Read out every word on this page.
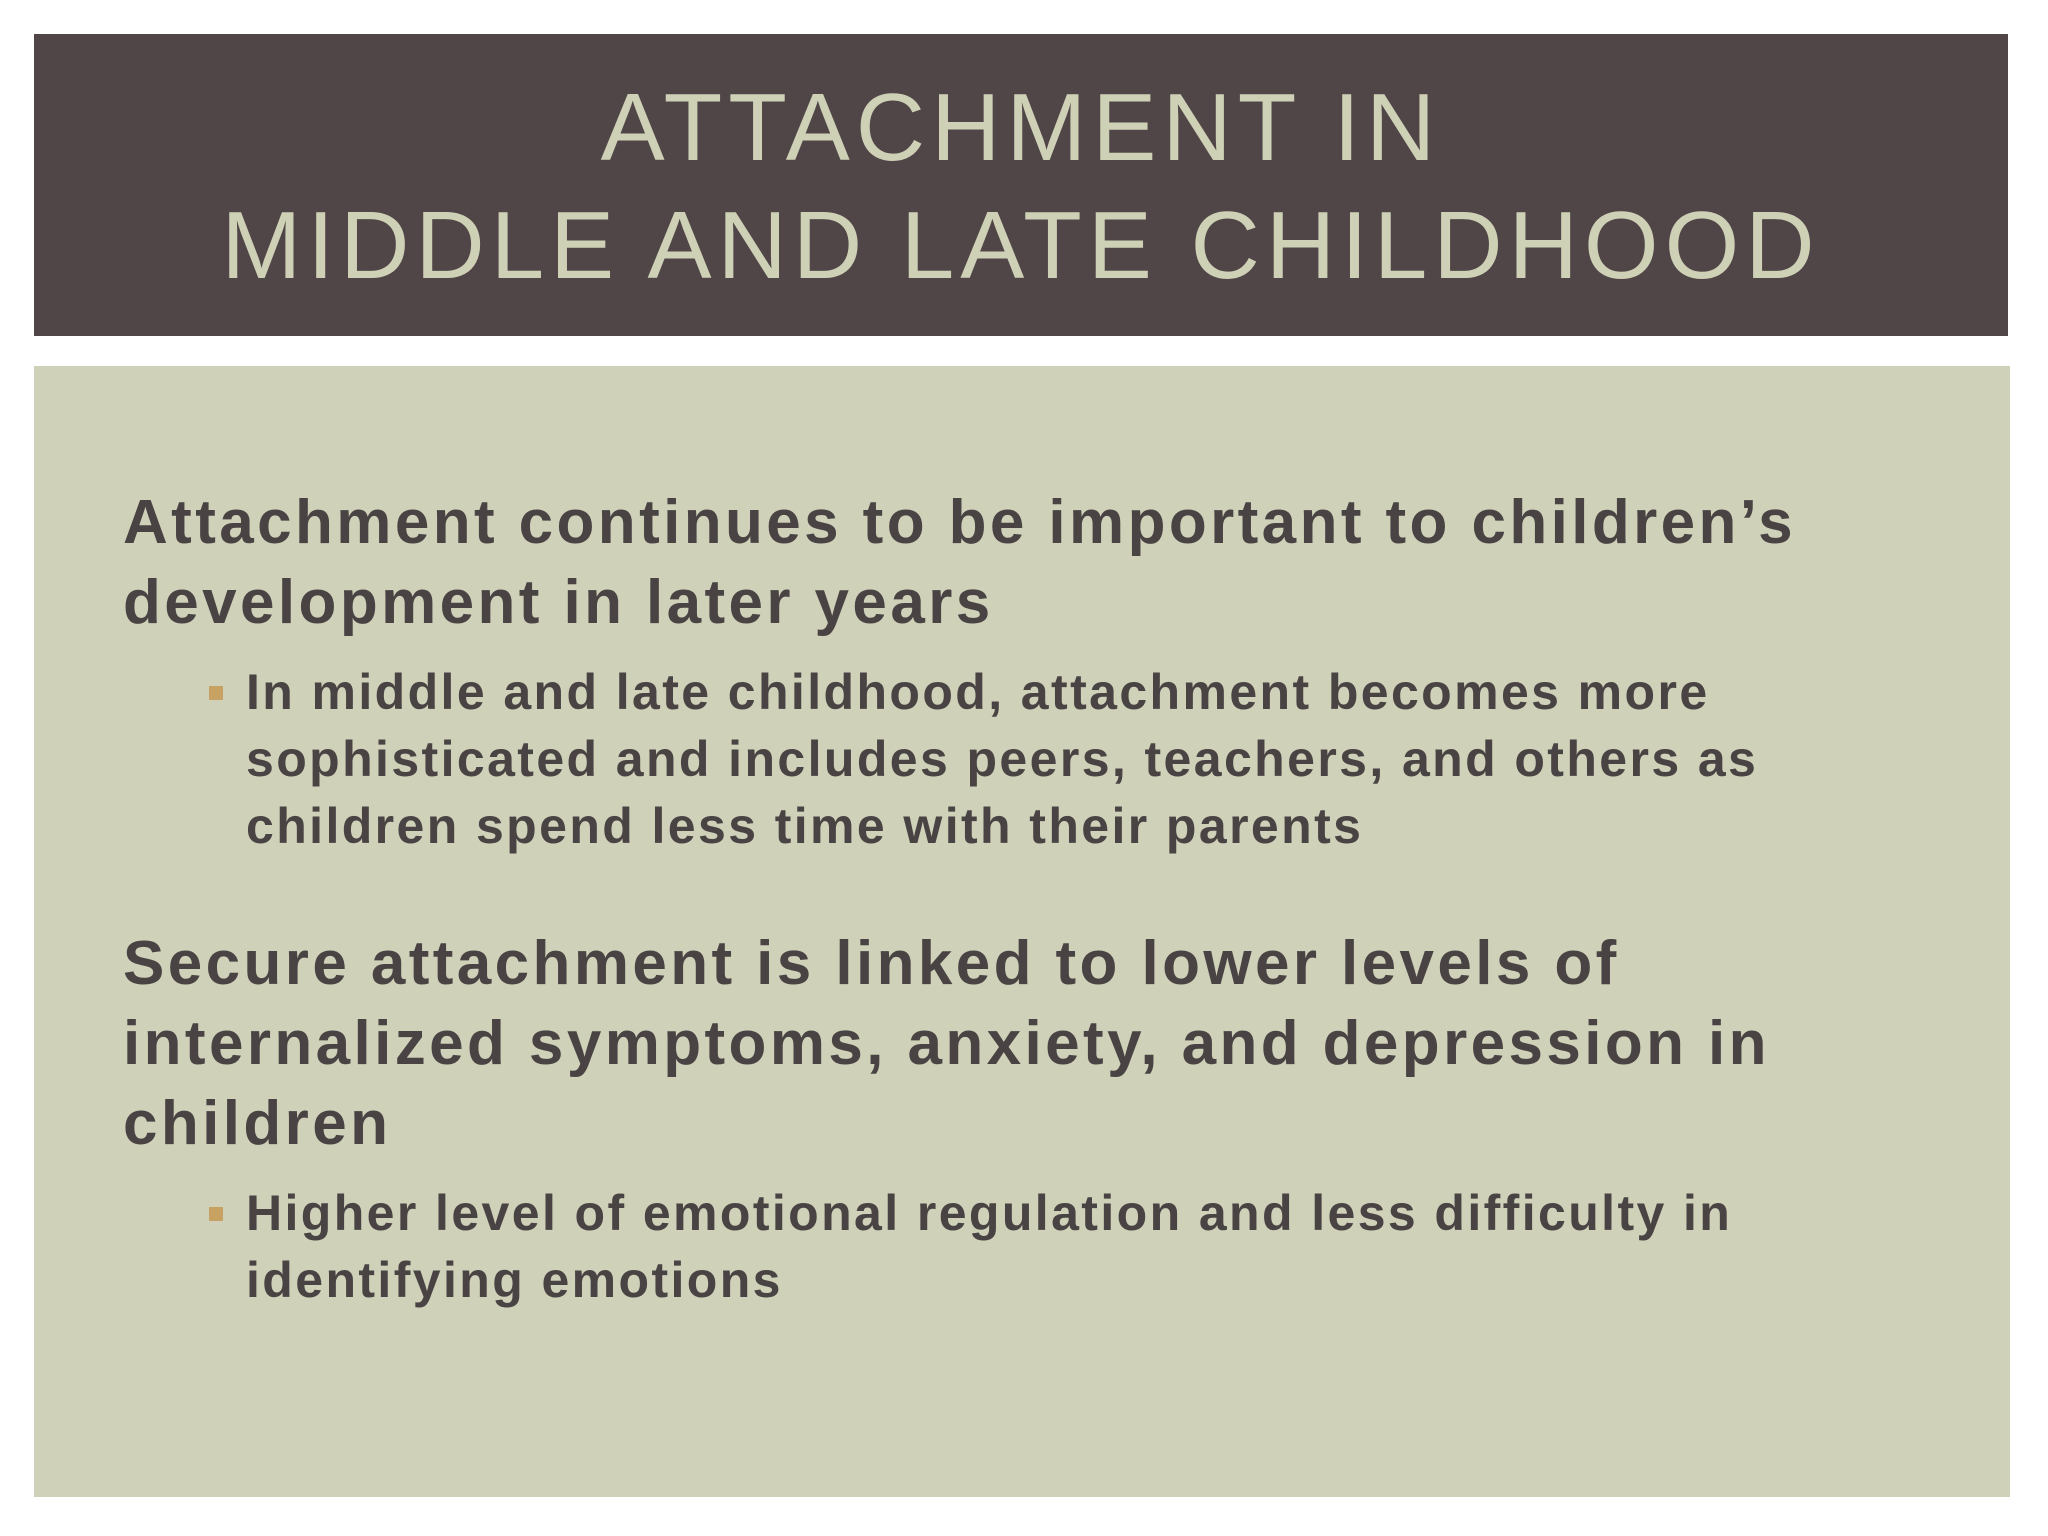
ATTACHMENT IN
MIDDLE AND LATE CHILDHOOD

Attachment continues to be important to children’s development in later years

In middle and late childhood, attachment becomes more sophisticated and includes peers, teachers, and others as children spend less time with their parents

Secure attachment is linked to lower levels of internalized symptoms, anxiety, and depression in children

Higher level of emotional regulation and less difficulty in identifying emotions
